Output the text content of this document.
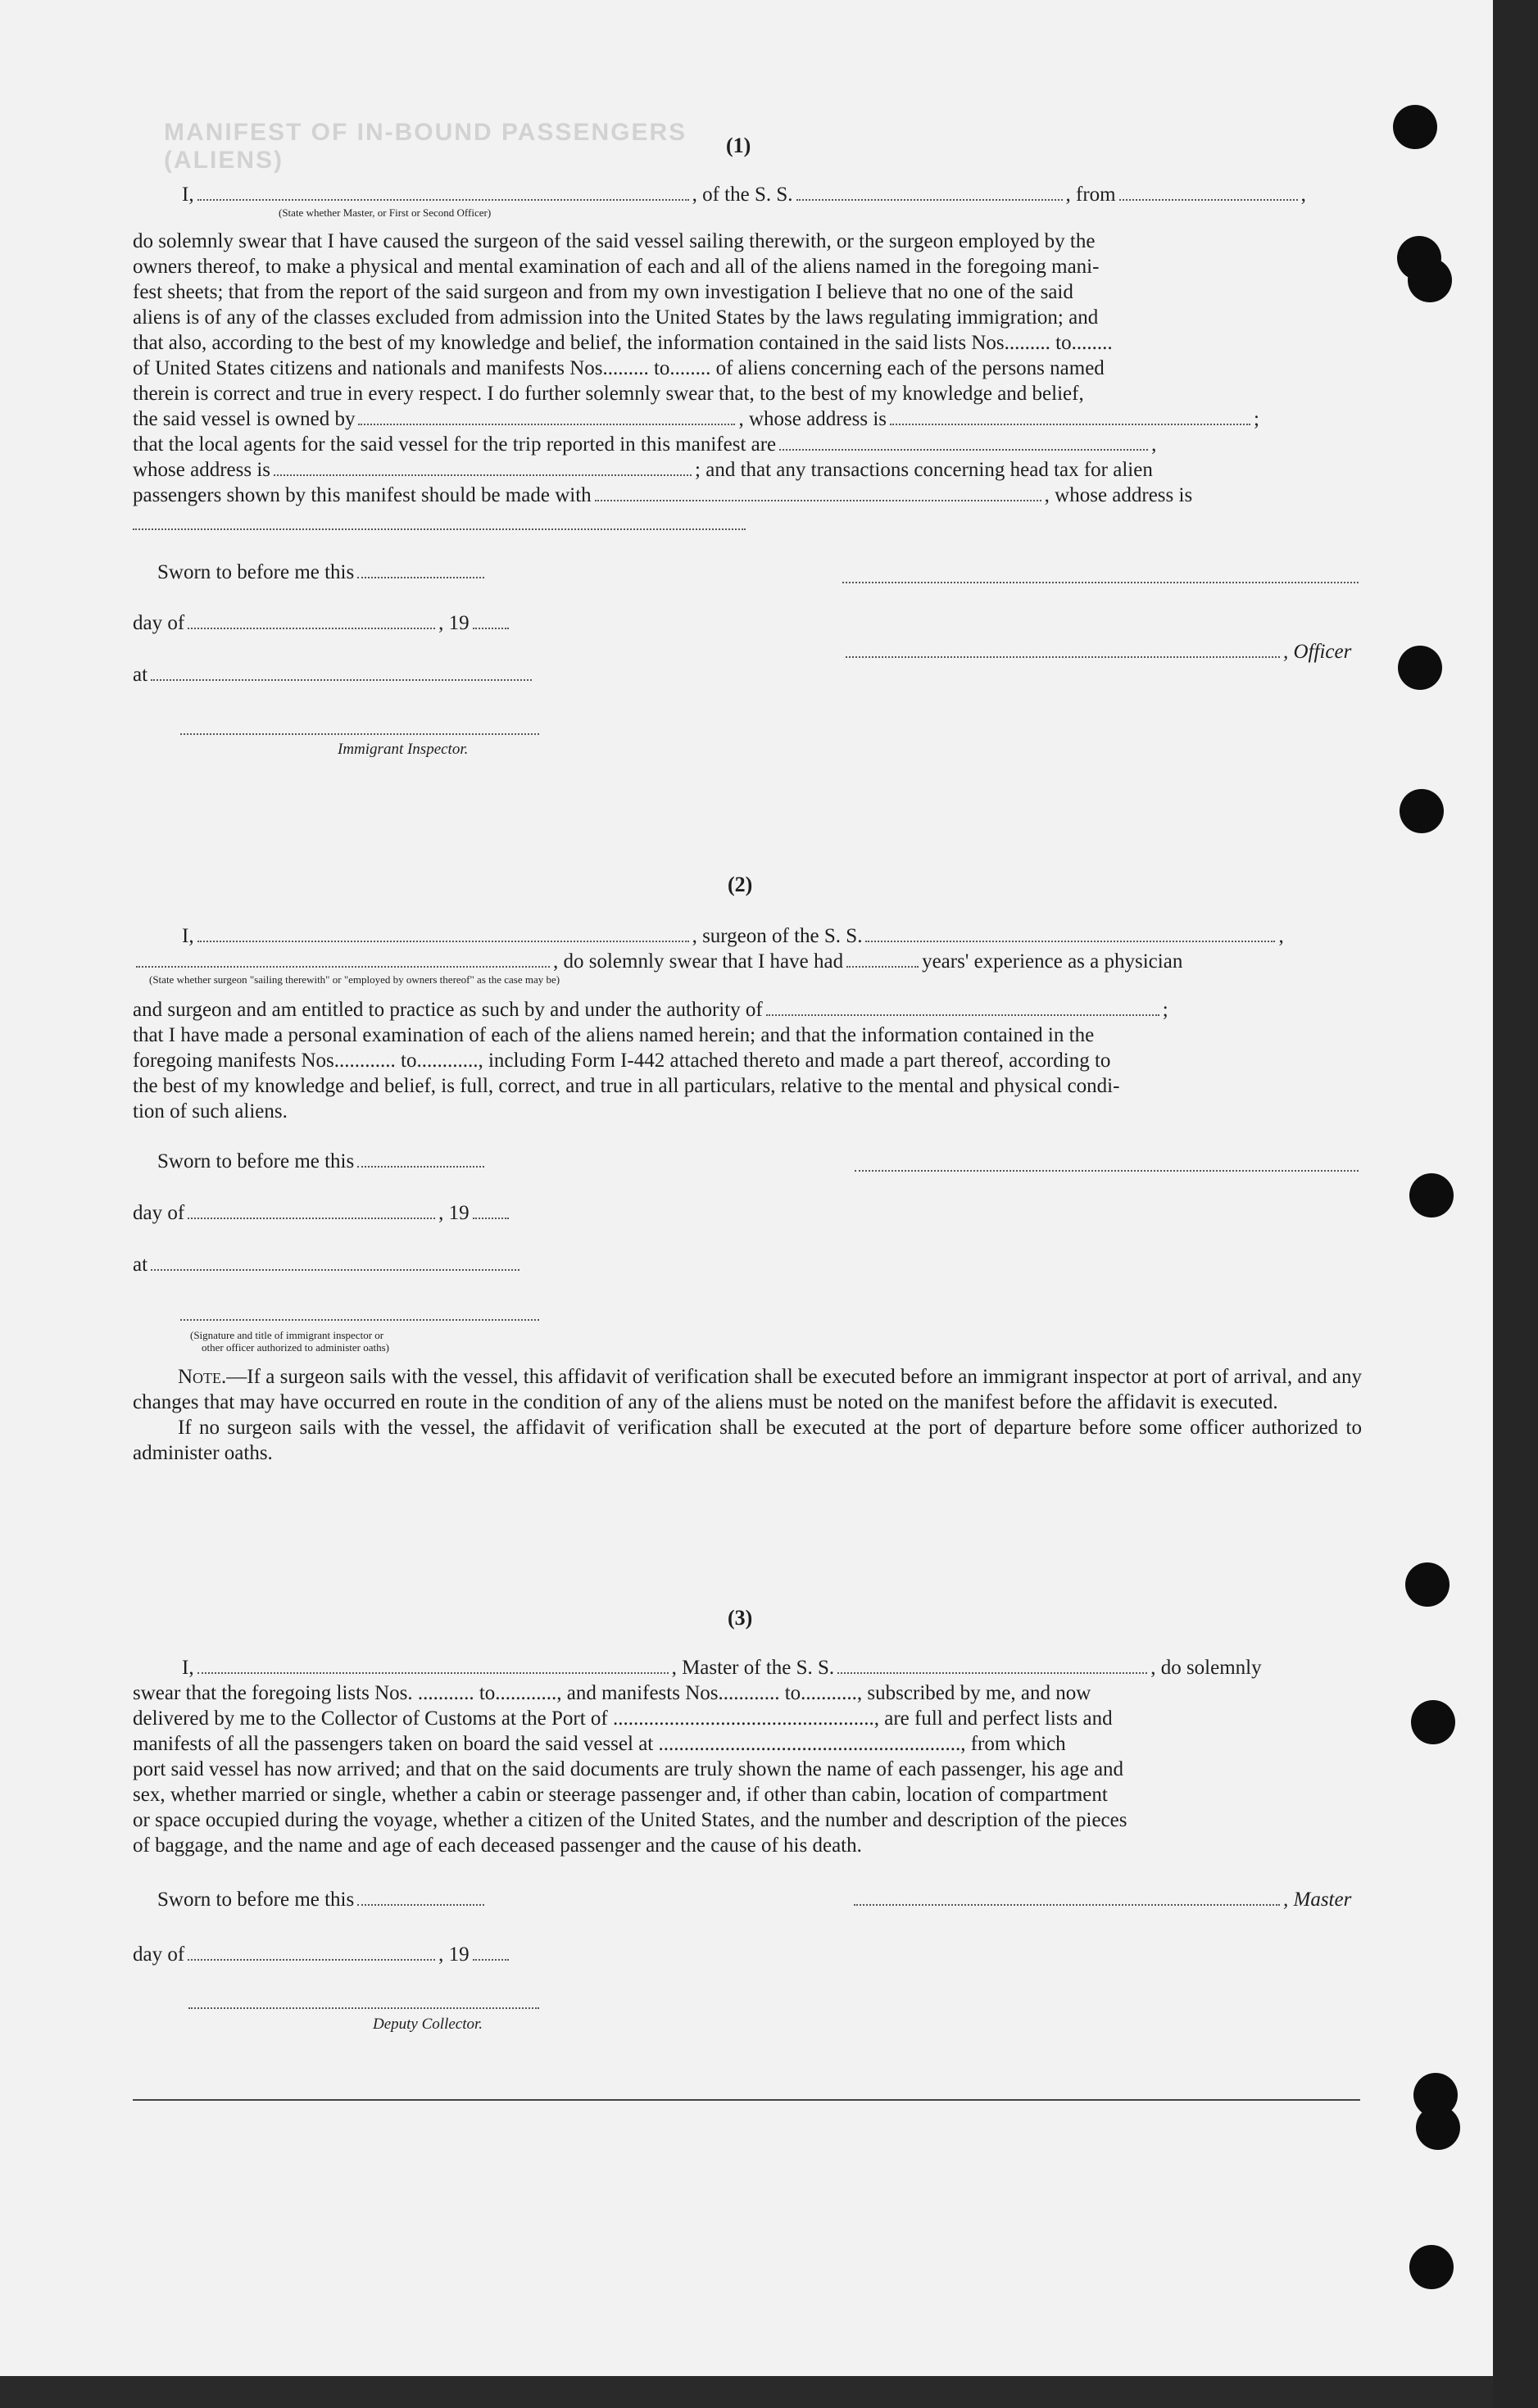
MANIFEST OF IN-BOUND PASSENGERS (ALIENS)
(1)
I,	, of the S. S.	, from	,
(State whether Master, or First or Second Officer)
do solemnly swear that I have caused the surgeon of the said vessel sailing therewith, or the surgeon employed by the
owners thereof, to make a physical and mental examination of each and all of the aliens named in the foregoing mani-
fest sheets; that from the report of the said surgeon and from my own investigation I believe that no one of the said
aliens is of any of the classes excluded from admission into the United States by the laws regulating immigration; and
that also, according to the best of my knowledge and belief, the information contained in the said lists Nos......... to........
of United States citizens and nationals and manifests Nos......... to........ of aliens concerning each of the persons named
therein is correct and true in every respect. I do further solemnly swear that, to the best of my knowledge and belief,
the said vessel is owned by	, whose address is	;
that the local agents for the said vessel for the trip reported in this manifest are	,
whose address is	; and that any transactions concerning head tax for alien
passengers shown by this manifest should be made with	, whose address is
Sworn to before me this
day of	, 19
, Officer
at
Immigrant Inspector.
(2)
I,	, surgeon of the S. S.	,
, do solemnly swear that I have had	years' experience as a physician
(State whether surgeon "sailing therewith" or "employed by owners thereof" as the case may be)
and surgeon and am entitled to practice as such by and under the authority of	;
that I have made a personal examination of each of the aliens named herein; and that the information contained in the
foregoing manifests Nos............ to............, including Form I-442 attached thereto and made a part thereof, according to
the best of my knowledge and belief, is full, correct, and true in all particulars, relative to the mental and physical condi-
tion of such aliens.
Sworn to before me this
day of	, 19
at
(Signature and title of immigrant inspector or
other officer authorized to administer oaths)

Note.—If a surgeon sails with the vessel, this affidavit of verification shall be executed before an immigrant inspector at port of arrival, and any changes that may have occurred en route in the condition of any of the aliens must be noted on the manifest before the affidavit is executed.

If no surgeon sails with the vessel, the affidavit of verification shall be executed at the port of departure before some officer authorized to administer oaths.

(3)
I,	, Master of the S. S.	, do solemnly
swear that the foregoing lists Nos. ........... to............, and manifests Nos............ to..........., subscribed by me, and now
delivered by me to the Collector of Customs at the Port of ..................................................., are full and perfect lists and
manifests of all the passengers taken on board the said vessel at ..........................................................., from which
port said vessel has now arrived; and that on the said documents are truly shown the name of each passenger, his age and
sex, whether married or single, whether a cabin or steerage passenger and, if other than cabin, location of compartment
or space occupied during the voyage, whether a citizen of the United States, and the number and description of the pieces
of baggage, and the name and age of each deceased passenger and the cause of his death.
Sworn to before me this	, Master
day of	, 19
Deputy Collector.
